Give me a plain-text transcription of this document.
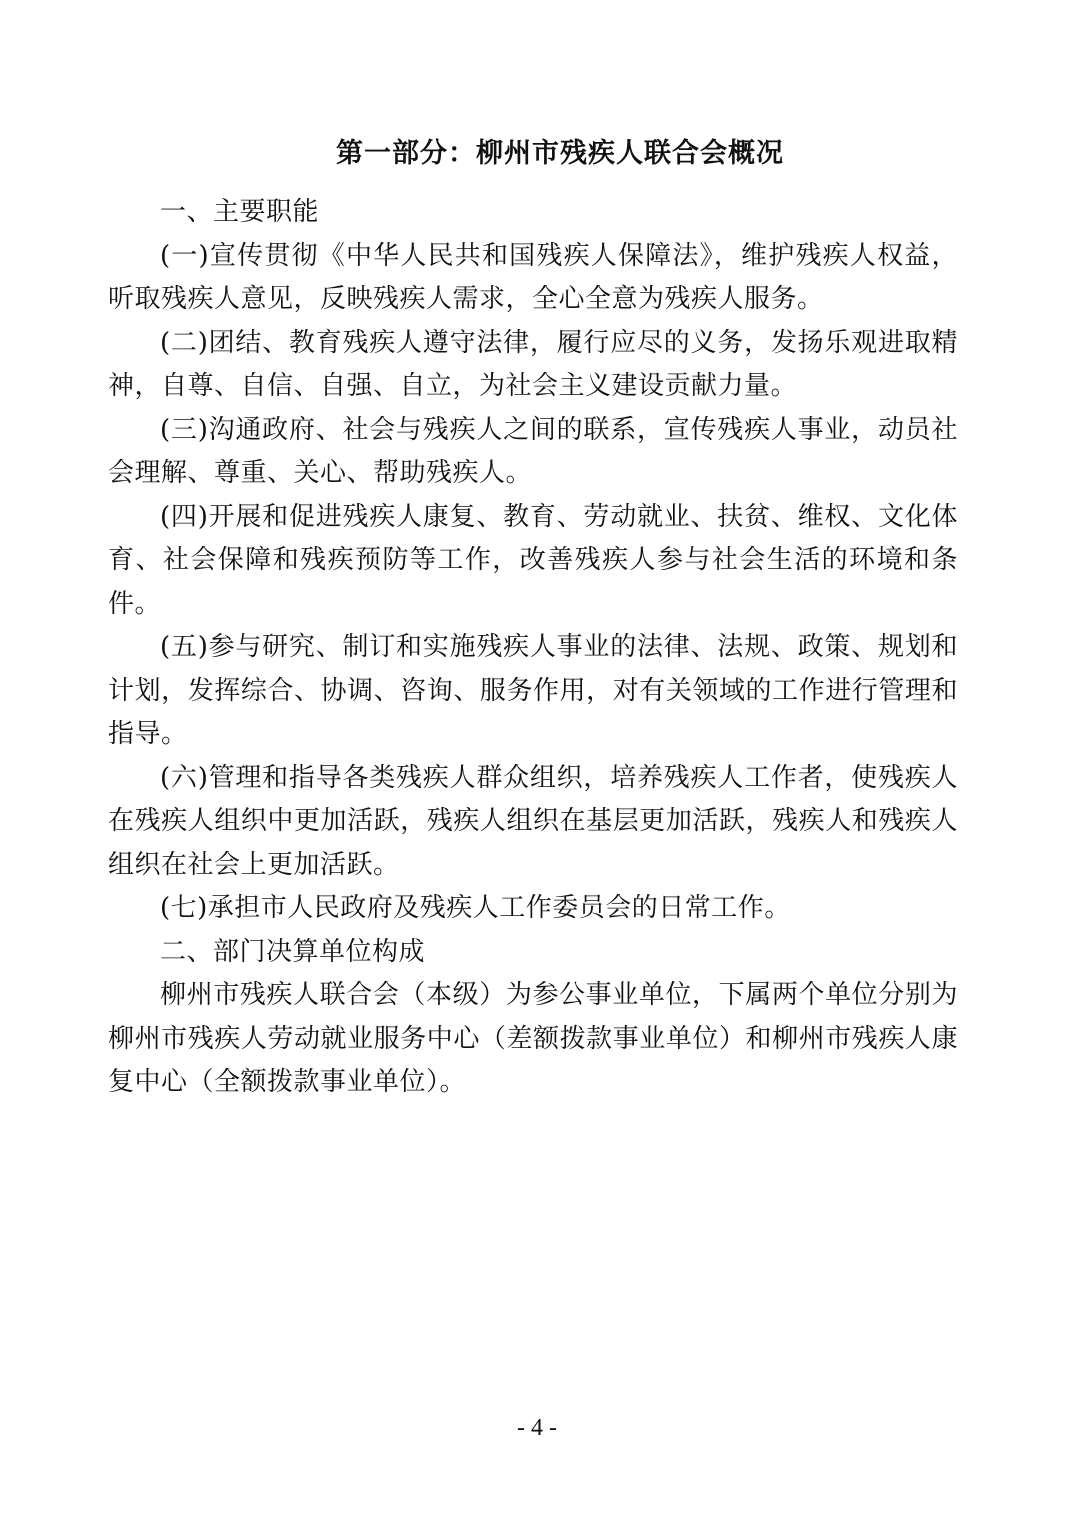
第一部分：柳州市残疾人联合会概况

一、主要职能

(一)宣传贯彻《中华人民共和国残疾人保障法》，维护残疾人权益，听取残疾人意见，反映残疾人需求，全心全意为残疾人服务。

(二)团结、教育残疾人遵守法律，履行应尽的义务，发扬乐观进取精神，自尊、自信、自强、自立，为社会主义建设贡献力量。

(三)沟通政府、社会与残疾人之间的联系，宣传残疾人事业，动员社会理解、尊重、关心、帮助残疾人。

(四)开展和促进残疾人康复、教育、劳动就业、扶贫、维权、文化体育、社会保障和残疾预防等工作，改善残疾人参与社会生活的环境和条件。

(五)参与研究、制订和实施残疾人事业的法律、法规、政策、规划和计划，发挥综合、协调、咨询、服务作用，对有关领域的工作进行管理和指导。

(六)管理和指导各类残疾人群众组织，培养残疾人工作者，使残疾人在残疾人组织中更加活跃，残疾人组织在基层更加活跃，残疾人和残疾人组织在社会上更加活跃。

(七)承担市人民政府及残疾人工作委员会的日常工作。

二、部门决算单位构成

柳州市残疾人联合会（本级）为参公事业单位，下属两个单位分别为柳州市残疾人劳动就业服务中心（差额拨款事业单位）和柳州市残疾人康复中心（全额拨款事业单位）。

- 4 -
